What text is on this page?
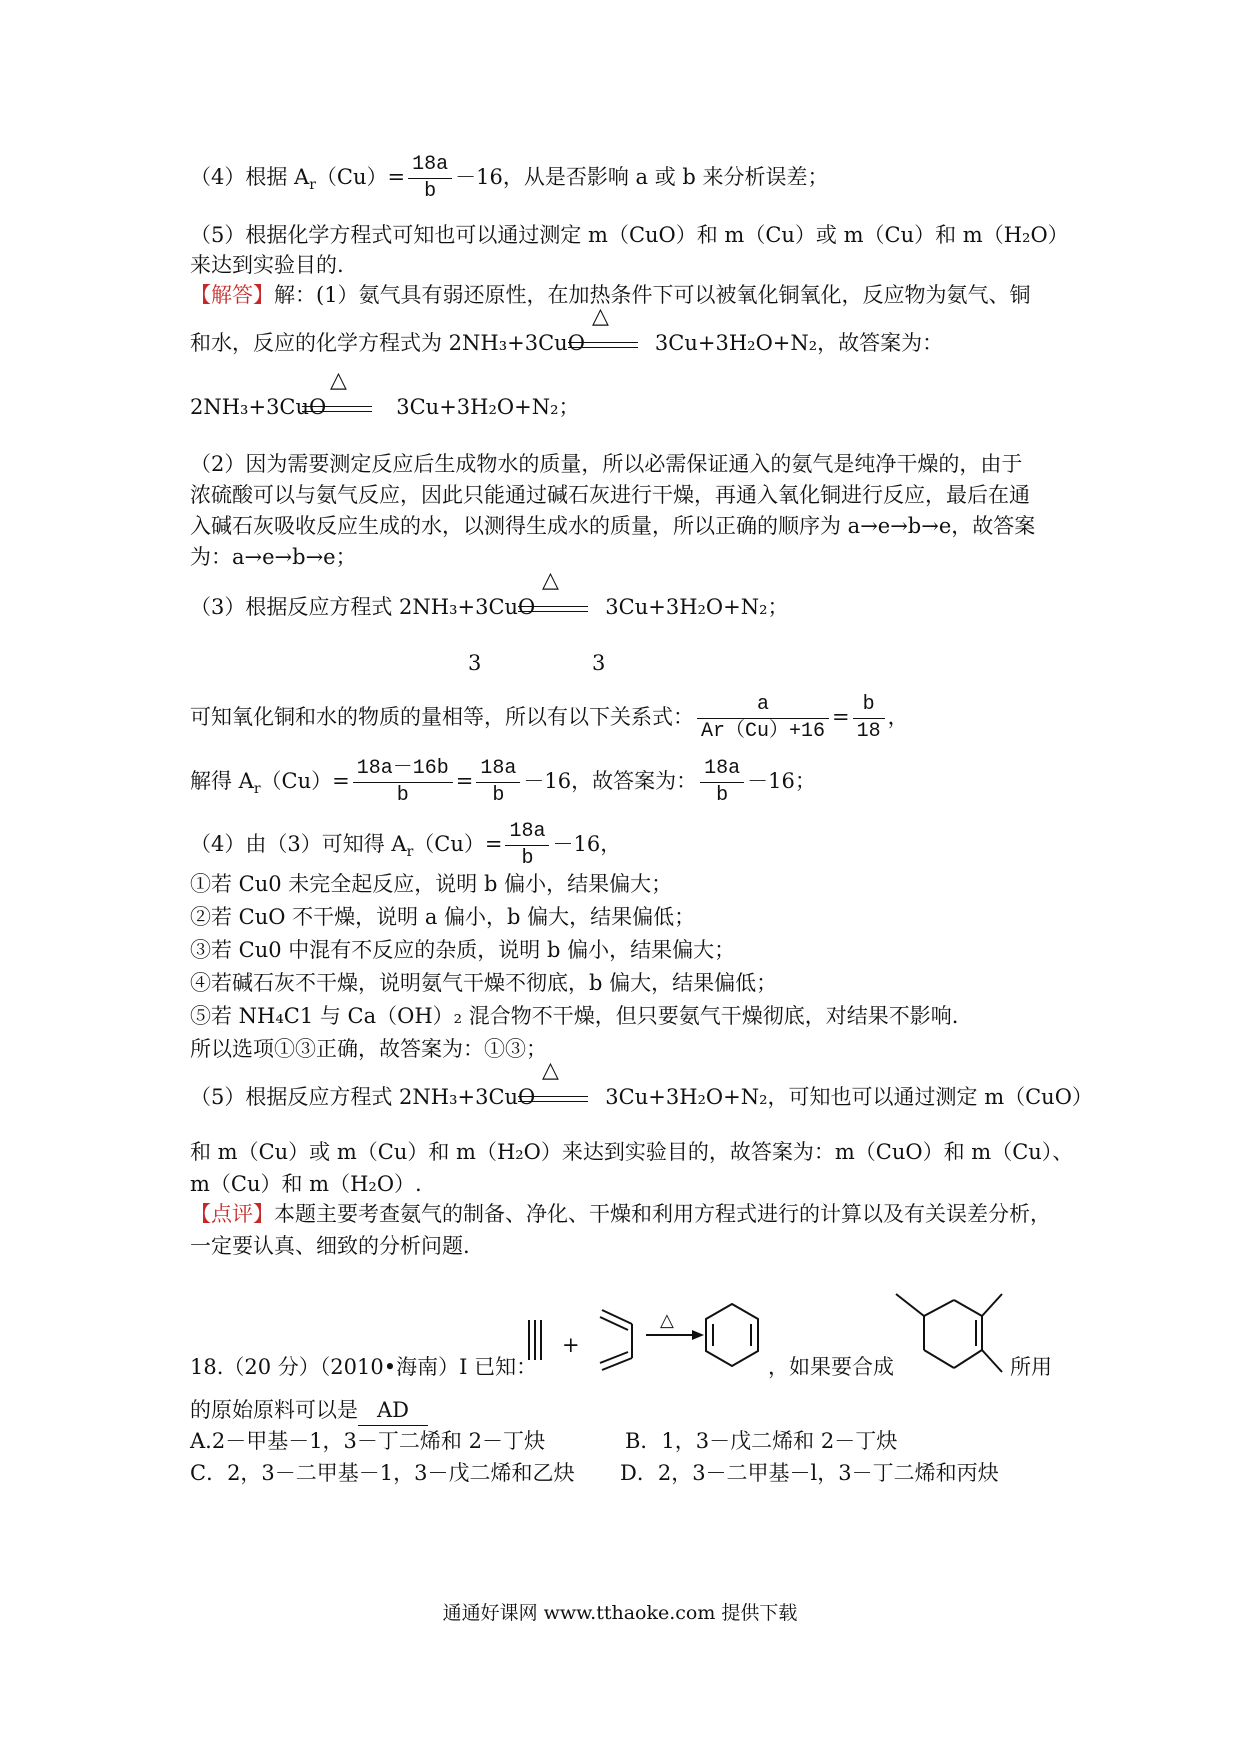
（4）根据 $A_r(Cu)= \frac{18a}{b} -16$，从是否影响 a 或 b 来分析误差；
（5）根据化学方程式可知也可以通过测定 m（CuO）和 m（Cu）或 m（Cu）和 m（H₂O）
来达到实验目的.
【解答】解：(1）氨气具有弱还原性，在加热条件下可以被氧化铜氧化，反应物为氨气、铜
和水，反应的化学方程式为 2NH₃+3CuO	3Cu+3H₂O+N₂，故答案为：
△
2NH₃+3CuO	3Cu+3H₂O+N₂；
△
（2）因为需要测定反应后生成物水的质量，所以必需保证通入的氨气是纯净干燥的，由于
浓硫酸可以与氨气反应，因此只能通过碱石灰进行干燥，再通入氧化铜进行反应，最后在通
入碱石灰吸收反应生成的水，以测得生成水的质量，所以正确的顺序为 a→e→b→e，故答案
为：a→e→b→e；
（3）根据反应方程式 2NH₃+3CuO	3Cu+3H₂O+N₂；
△
3	3
可知氧化铜和水的物质的量相等，所以有以下关系式： $\frac{a}{Ar(Cu)+16} = \frac{b}{18}$ ，
解得 $A_r(Cu)= \frac{18a-16b}{b} = \frac{18a}{b} -16$，故答案为： $\frac{18a}{b} -16$；
（4）由（3）可知得 $A_r(Cu)= \frac{18a}{b} -16$，
①若 Cu0 未完全起反应，说明 b 偏小，结果偏大；
②若 CuO 不干燥，说明 a 偏小，b 偏大，结果偏低；
③若 Cu0 中混有不反应的杂质，说明 b 偏小，结果偏大；
④若碱石灰不干燥，说明氨气干燥不彻底，b 偏大，结果偏低；
⑤若 NH₄C1 与 Ca（OH）₂ 混合物不干燥，但只要氨气干燥彻底，对结果不影响.
所以选项①③正确，故答案为：①③；
（5）根据反应方程式 2NH₃+3CuO	3Cu+3H₂O+N₂，可知也可以通过测定 m（CuO）
△
和 m（Cu）或 m（Cu）和 m（H₂O）来达到实验目的，故答案为：m（CuO）和 m（Cu）、
m（Cu）和 m（H₂O）.
【点评】本题主要考查氨气的制备、净化、干燥和利用方程式进行的计算以及有关误差分析，
一定要认真、细致的分析问题.
18.（20 分）（2010•海南）I 已知：
+
△
，如果要合成	所用
的原始原料可以是 AD
A.2－甲基－1，3－丁二烯和 2－丁炔	B．1，3－戊二烯和 2－丁炔
C．2，3－二甲基－1，3－戊二烯和乙炔 D．2，3－二甲基－l，3－丁二烯和丙炔
通通好课网 www.tthaoke.com 提供下载
